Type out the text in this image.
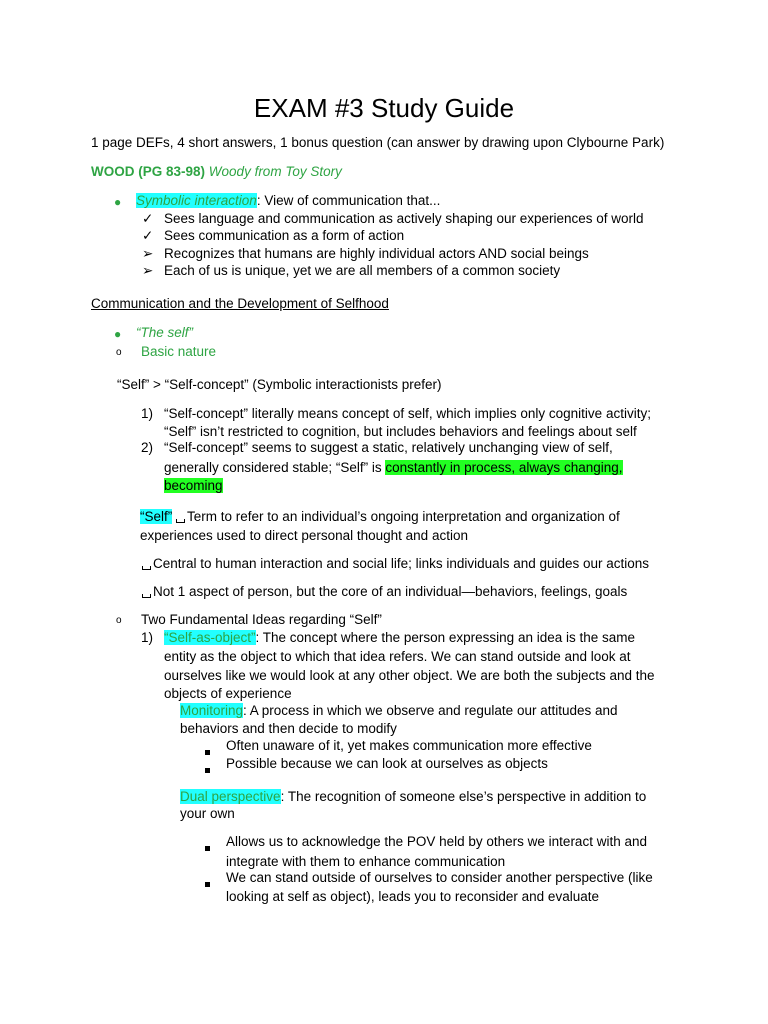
EXAM #3 Study Guide
1 page DEFs, 4 short answers, 1 bonus question (can answer by drawing upon Clybourne Park)
WOOD (PG 83-98) Woody from Toy Story
● Symbolic interaction: View of communication that...
✓ Sees language and communication as actively shaping our experiences of world
✓ Sees communication as a form of action
➢ Recognizes that humans are highly individual actors AND social beings
➢ Each of us is unique, yet we are all members of a common society
Communication and the Development of Selfhood
● “The self”
o Basic nature
“Self” > “Self-concept” (Symbolic interactionists prefer)
1) “Self-concept” literally means concept of self, which implies only cognitive activity;
“Self” isn’t restricted to cognition, but includes behaviors and feelings about self
2) “Self-concept” seems to suggest a static, relatively unchanging view of self,
generally considered stable; “Self” is constantly in process, always changing,
becoming
“Self” Term to refer to an individual’s ongoing interpretation and organization of
experiences used to direct personal thought and action
Central to human interaction and social life; links individuals and guides our actions
Not 1 aspect of person, but the core of an individual—behaviors, feelings, goals
o Two Fundamental Ideas regarding “Self”
1) “Self-as-object”: The concept where the person expressing an idea is the same
entity as the object to which that idea refers. We can stand outside and look at
ourselves like we would look at any other object. We are both the subjects and the
objects of experience
Monitoring: A process in which we observe and regulate our attitudes and
behaviors and then decide to modify
Often unaware of it, yet makes communication more effective
Possible because we can look at ourselves as objects
Dual perspective: The recognition of someone else’s perspective in addition to
your own
Allows us to acknowledge the POV held by others we interact with and
integrate with them to enhance communication
We can stand outside of ourselves to consider another perspective (like
looking at self as object), leads you to reconsider and evaluate
